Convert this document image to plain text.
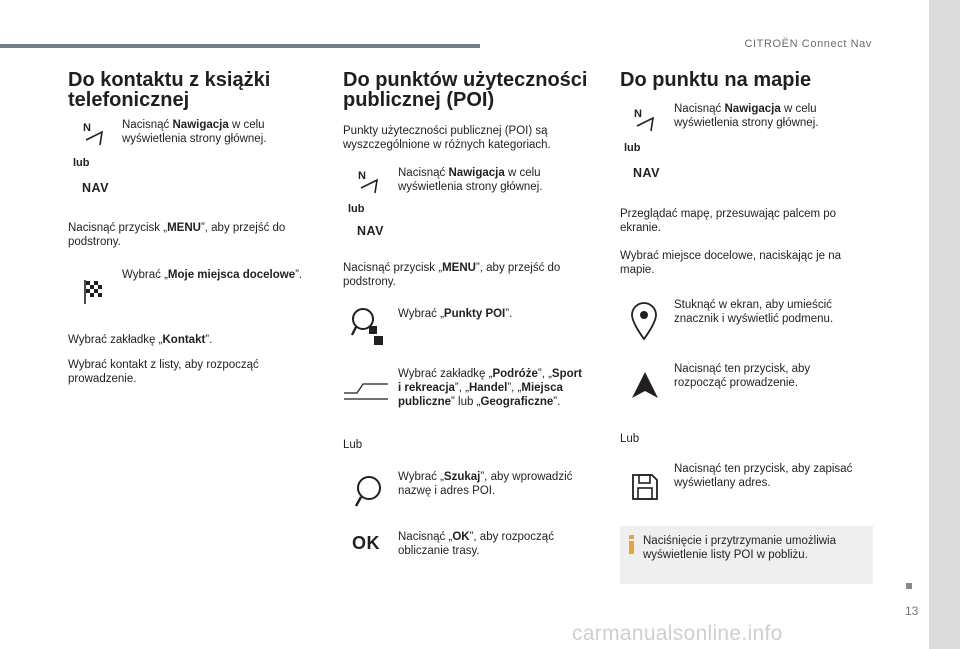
CITROËN Connect Nav
13
carmanualsonline.info
Do kontaktu z książki
telefonicznej
N
lub
NAV
Nacisnąć Nawigacja w celu
wyświetlenia strony głównej.
Nacisnąć przycisk „MENU”, aby przejść do
podstrony.
Wybrać „Moje miejsca docelowe”.
Wybrać zakładkę „Kontakt”.
Wybrać kontakt z listy, aby rozpocząć
prowadzenie.
Do punktów użyteczności
publicznej (POI)
Punkty użyteczności publicznej (POI) są
wyszczególnione w różnych kategoriach.
N
lub
NAV
Nacisnąć Nawigacja w celu
wyświetlenia strony głównej.
Nacisnąć przycisk „MENU”, aby przejść do
podstrony.
Wybrać „Punkty POI”.
Wybrać zakładkę „Podróże”, „Sport
i rekreacja”, „Handel”, „Miejsca
publiczne” lub „Geograficzne”.
Lub
Wybrać „Szukaj”, aby wprowadzić
nazwę i adres POI.
OK Nacisnąć „OK”, aby rozpocząć
obliczanie trasy.
Do punktu na mapie
N
lub
NAV
Nacisnąć Nawigacja w celu
wyświetlenia strony głównej.
Przeglądać mapę, przesuwając palcem po
ekranie.
Wybrać miejsce docelowe, naciskając je na
mapie.
Stuknąć w ekran, aby umieścić
znacznik i wyświetlić podmenu.
Nacisnąć ten przycisk, aby
rozpocząć prowadzenie.
Lub
Nacisnąć ten przycisk, aby zapisać
wyświetlany adres.
Naciśnięcie i przytrzymanie umożliwia
wyświetlenie listy POI w pobliżu.
